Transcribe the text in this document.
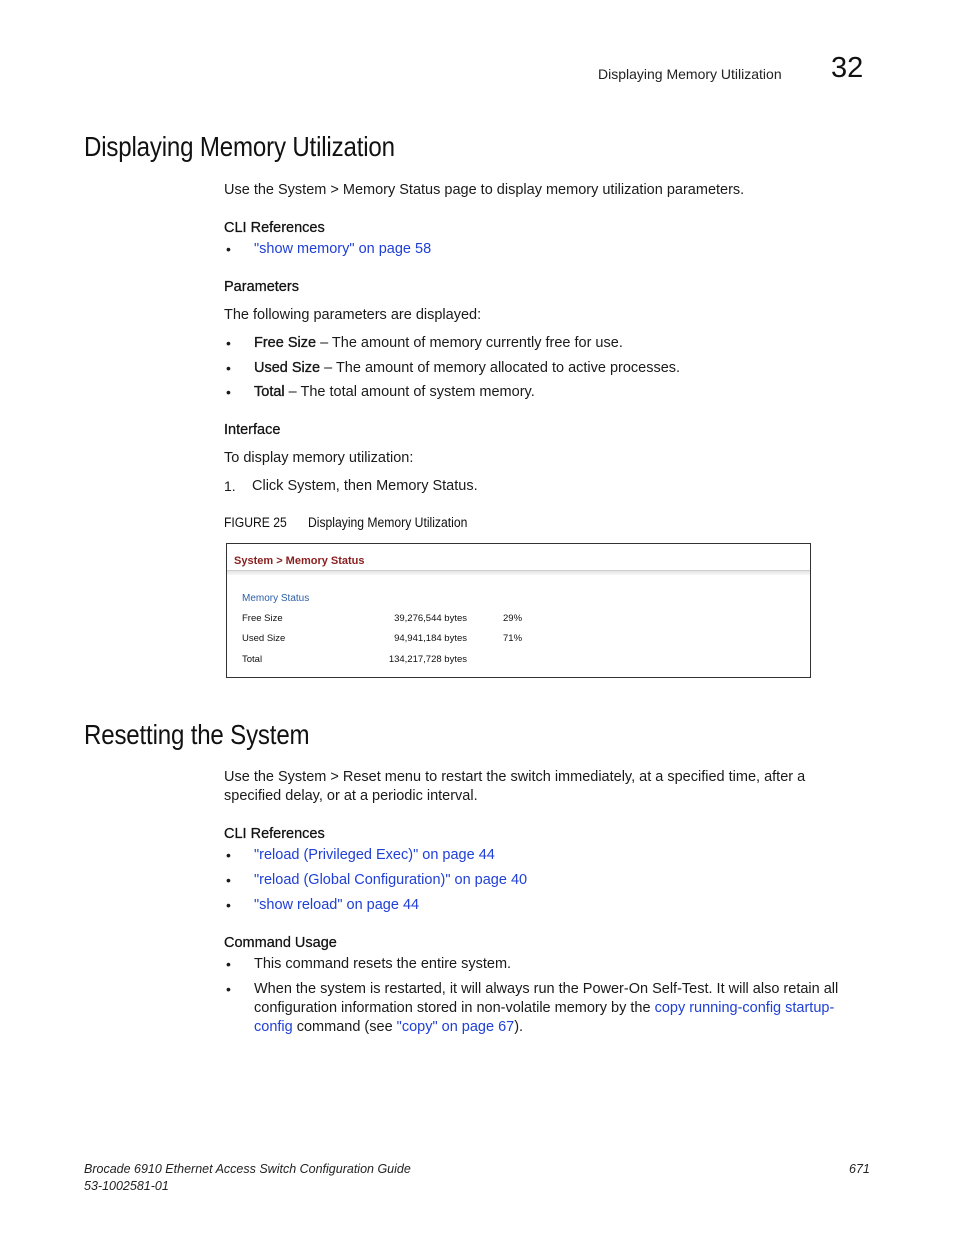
Displaying Memory Utilization 32
Displaying Memory Utilization
Use the System > Memory Status page to display memory utilization parameters.
CLI References
•	"show memory" on page 58
Parameters
The following parameters are displayed:
•	Free Size – The amount of memory currently free for use.
•	Used Size – The amount of memory allocated to active processes.
•	Total – The total amount of system memory.
Interface
To display memory utilization:
1.	Click System, then Memory Status.
FIGURE 25 Displaying Memory Utilization
System > Memory Status
Memory Status
Free Size	39,276,544 bytes	29%
Used Size	94,941,184 bytes	71%
Total	134,217,728 bytes
Resetting the System
Use the System > Reset menu to restart the switch immediately, at a specified time, after a specified delay, or at a periodic interval.
CLI References
•	"reload (Privileged Exec)" on page 44
•	"reload (Global Configuration)" on page 40
•	"show reload" on page 44
Command Usage
•	This command resets the entire system.
•	When the system is restarted, it will always run the Power-On Self-Test. It will also retain all configuration information stored in non-volatile memory by the copy running-config startup-config command (see "copy" on page 67).
Brocade 6910 Ethernet Access Switch Configuration Guide
53-1002581-01
671
